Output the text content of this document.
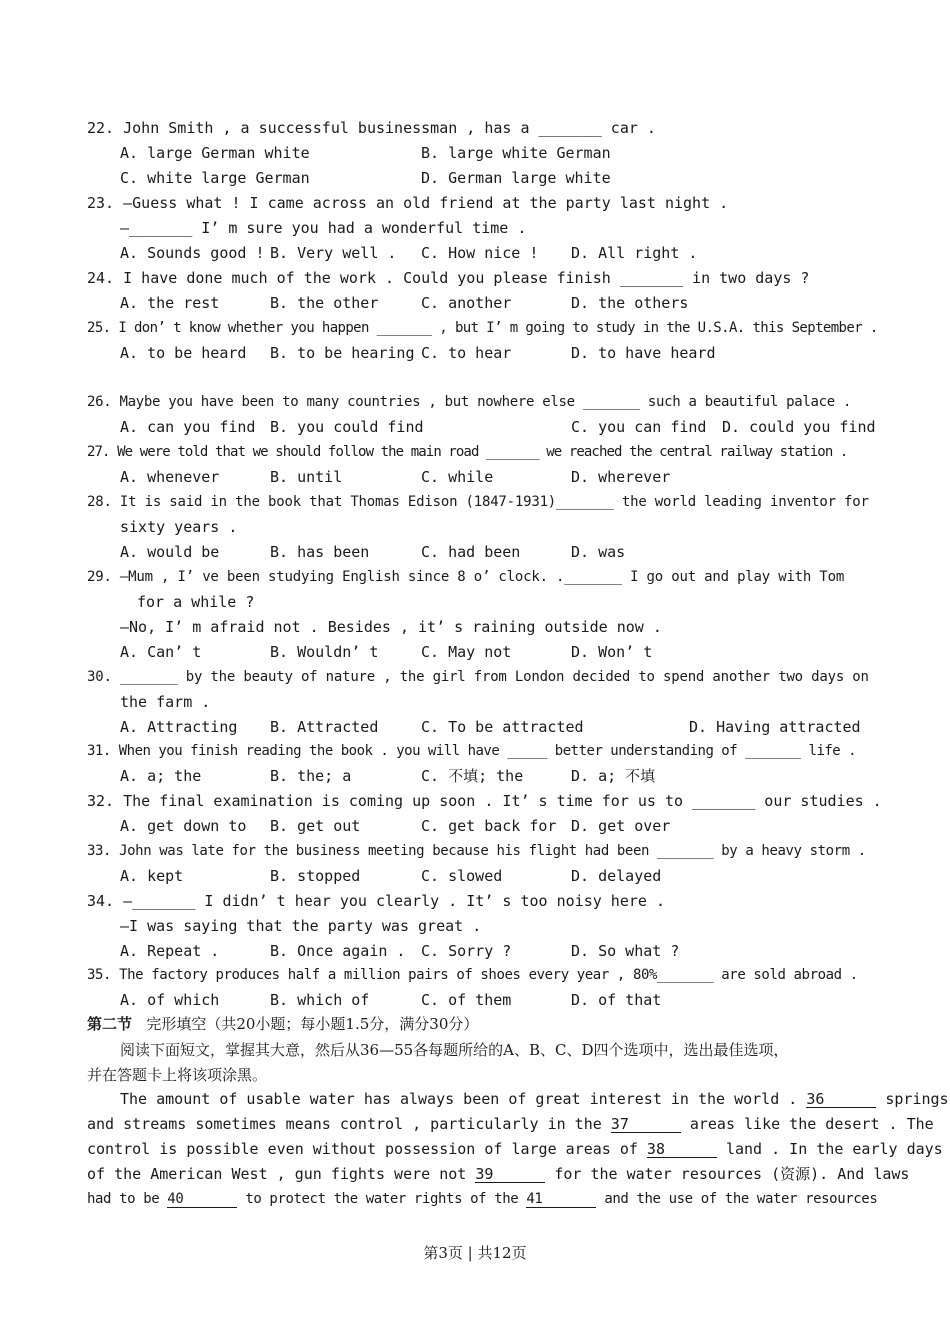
22. John Smith , a successful businessman , has a _______ car .
A. large German white	B. large white German
C. white large German	D. German large white
23. —Guess what ! I came across an old friend at the party last night .
—_______ I’ m sure you had a wonderful time .
A. Sounds good ! B. Very well . C. How nice ! D. All right .
24. I have done much of the work . Could you please finish _______ in two days ?
A. the rest	B. the other	C. another	D. the others
25. I don’ t know whether you happen _______ , but I’ m going to study in the U.S.A. this September .
A. to be heard B. to be hearing C. to hear	D. to have heard
26. Maybe you have been to many countries , but nowhere else _______ such a beautiful palace .
A. can you find B. you could find	C. you can find D. could you find
27. We were told that we should follow the main road _______ we reached the central railway station .
A. whenever	B. until	C. while	D. wherever
28. It is said in the book that Thomas Edison (1847-1931)_______ the world leading inventor for
sixty years .
A. would be	B. has been	C. had been	D. was
29. —Mum , I’ ve been studying English since 8 o’ clock. ._______ I go out and play with Tom
for a while ?
—No, I’ m afraid not . Besides , it’ s raining outside now .
A. Can’ t	B. Wouldn’ t	C. May not	D. Won’ t
30. _______ by the beauty of nature , the girl from London decided to spend another two days on
the farm .
A. Attracting B. Attracted	C. To be attracted	D. Having attracted
31. When you finish reading the book . you will have _____ better understanding of _______ life .
A. a; the	B. the; a	C. 不填; the	D. a; 不填
32. The final examination is coming up soon . It’ s time for us to _______ our studies .
A. get down to B. get out	C. get back for D. get over
33. John was late for the business meeting because his flight had been _______ by a heavy storm .
A. kept	B. stopped	C. slowed	D. delayed
34. —_______ I didn’ t hear you clearly . It’ s too noisy here .
—I was saying that the party was great .
A. Repeat .	B. Once again . C. Sorry ?	D. So what ?
35. The factory produces half a million pairs of shoes every year , 80%_______ are sold abroad .
A. of which	B. which of	C. of them	D. of that
第二节 完形填空（共20小题；每小题1.5分，满分30分）
阅读下面短文，掌握其大意，然后从36—55各每题所给的A、B、C、D四个选项中，选出最佳选项，
并在答题卡上将该项涂黑。
The amount of usable water has always been of great interest in the world . 36	springs
and streams sometimes means control , particularly in the 37	areas like the desert . The
control is possible even without possession of large areas of 38	land . In the early days
of the American West , gun fights were not 39	for the water resources (资源). And laws
had to be 40	to protect the water rights of the 41	and the use of the water resources
第3页 | 共12页
